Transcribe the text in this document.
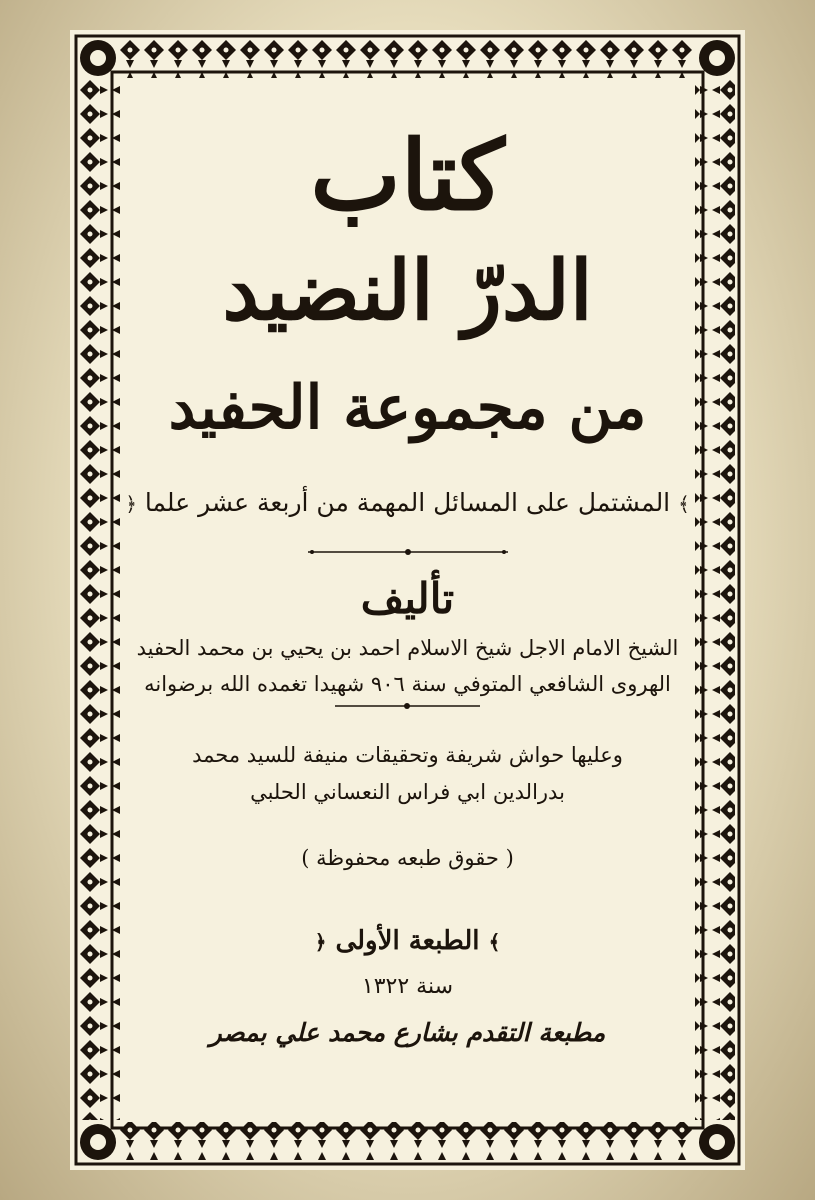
كتاب
الدرّ النضيد
من مجموعة الحفيد
﴾ المشتمل على المسائل المهمة من أربعة عشر علما ﴿
تأليف
الشيخ الامام الاجل شيخ الاسلام احمد بن يحيي بن محمد الحفيد
الهروى الشافعي المتوفي سنة ٩٠٦ شهيدا تغمده الله برضوانه
وعليها حواش شريفة وتحقيقات منيفة للسيد محمد
بدرالدين ابي فراس النعساني الحلبي
( حقوق طبعه محفوظة )
﴾ الطبعة الأولى ﴿
سنة ١٣٢٢
مطبعة التقدم بشارع محمد علي بمصر
